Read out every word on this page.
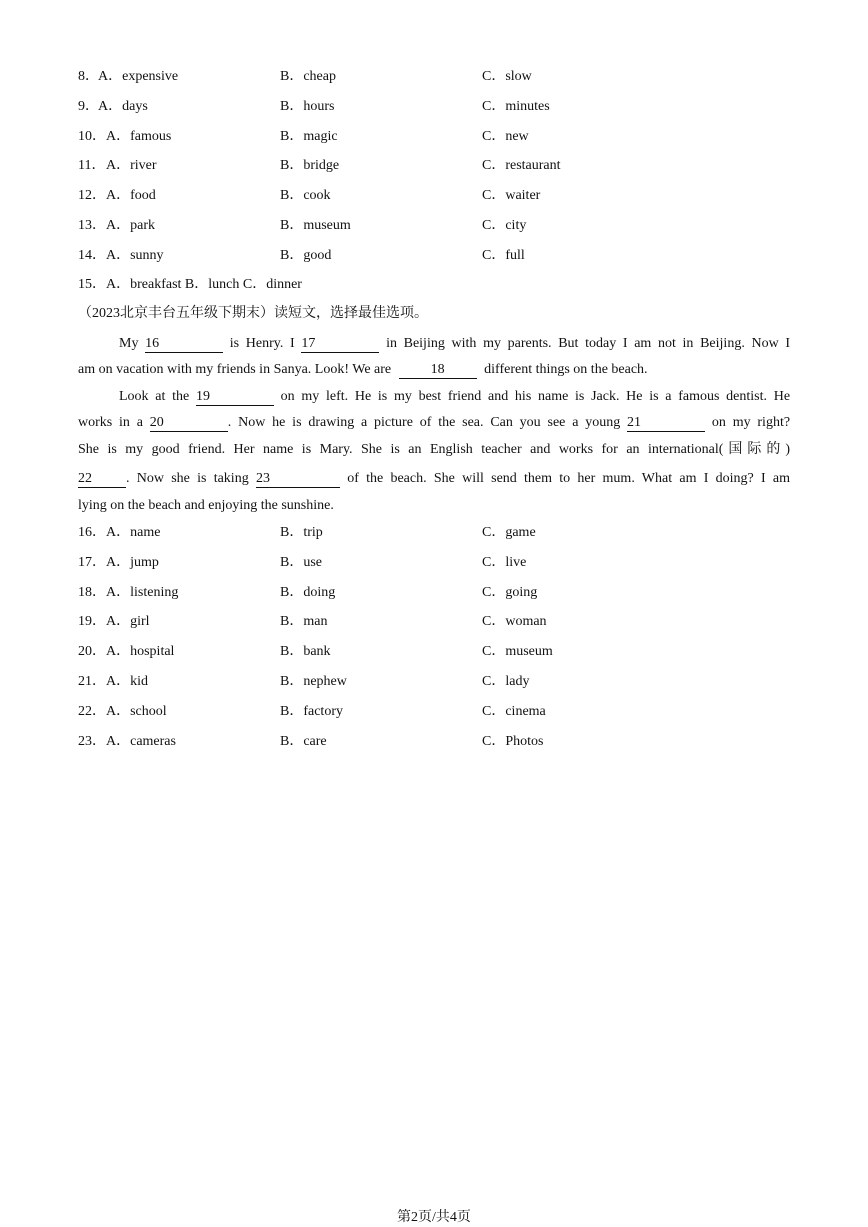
8． A．expensive	B．cheap	C．slow
9． A．days	B．hours	C．minutes
10． A．famous	B．magic	C．new
11． A．river	B．bridge	C．restaurant
12． A．food	B．cook	C．waiter
13． A．park	B．museum	C．city
14． A．sunny	B．good	C．full
15．A．breakfast B．lunch C．dinner
（2023北京丰台五年级下期末）读短文，选择最佳选项。
My 16	is Henry. I 17	in Beijing with my parents. But today I am not in Beijing. Now I
am on vacation with my friends in Sanya. Look! We are	18	different things on the beach.
Look at the 19	on my left. He is my best friend and his name is Jack. He is a famous dentist. He
works in a 20	. Now he is drawing a picture of the sea. Can you see a young 21	on my right?
She is my good friend. Her name is Mary. She is an English teacher and works for an international(国际的)
22 . Now she is taking 23	of the beach. She will send them to her mum. What am I doing? I am
lying on the beach and enjoying the sunshine.
16． A．name	B．trip	C．game
17． A．jump	B．use	C．live
18． A．listening	B．doing	C．going
19． A．girl	B．man	C．woman
20． A．hospital	B．bank	C．museum
21． A．kid	B．nephew	C．lady
22． A．school	B．factory	C．cinema
23． A．cameras	B．care	C．Photos
第2页/共4页
